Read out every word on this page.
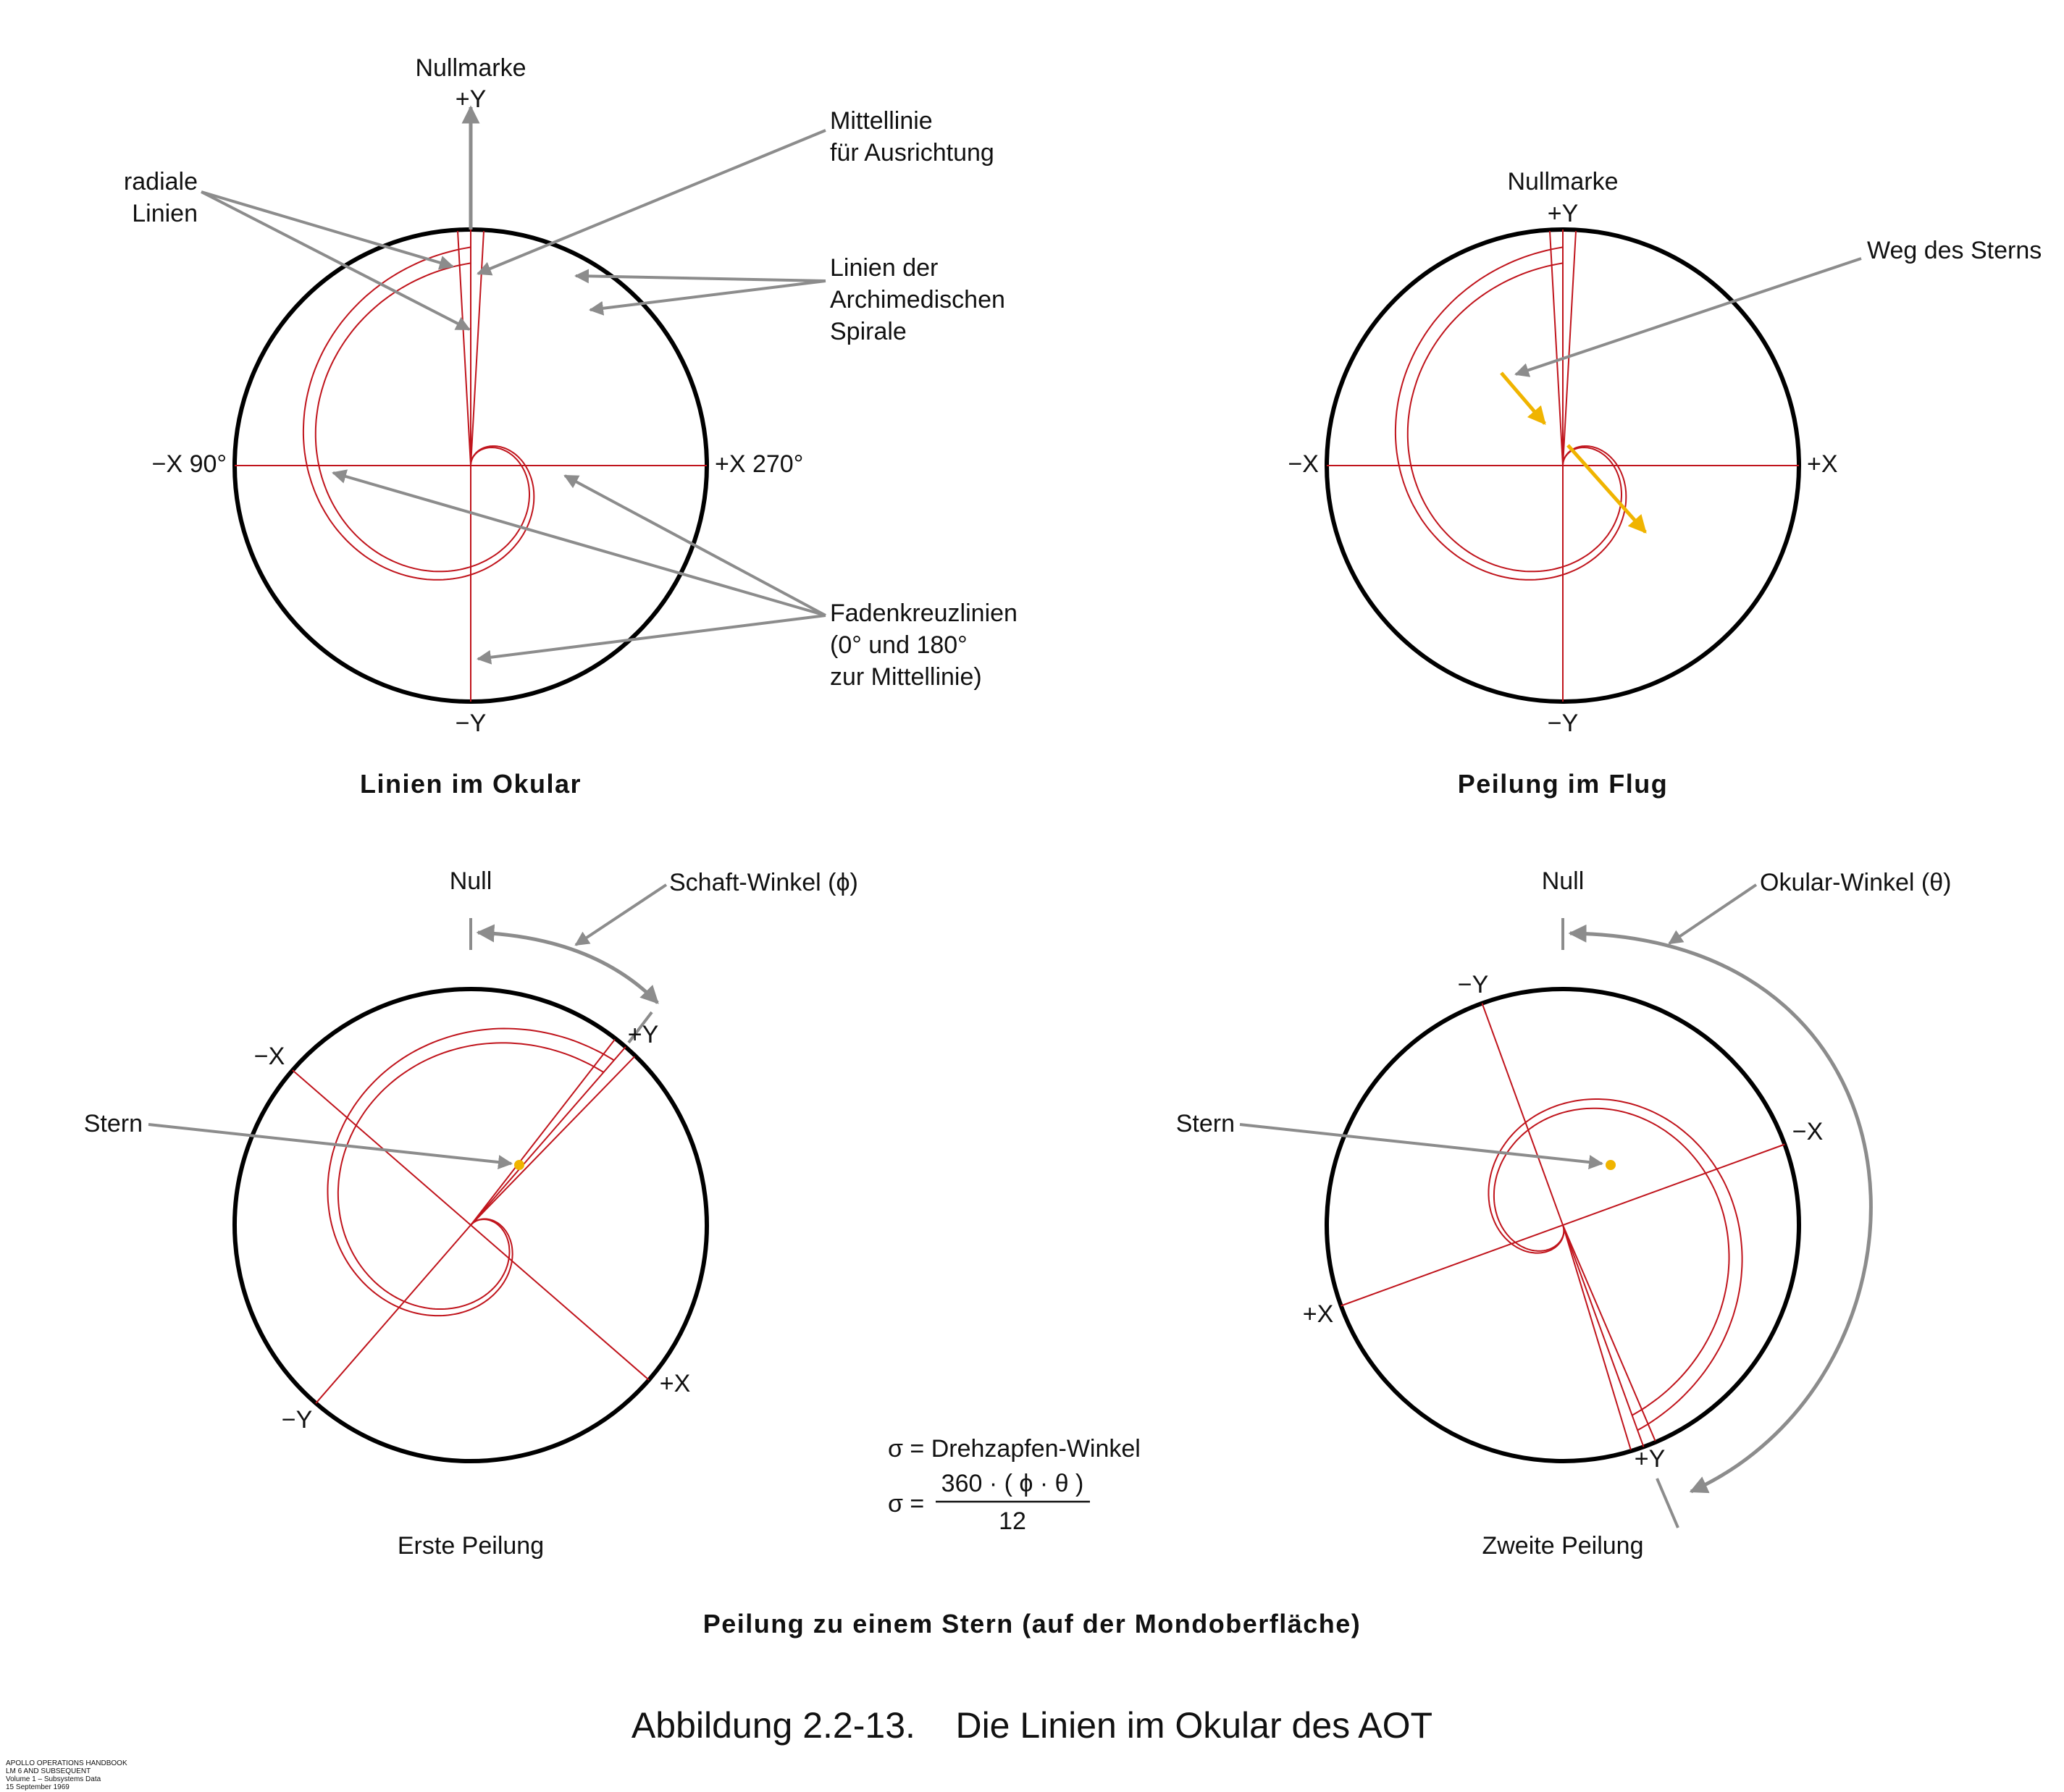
Nullmarke
+Y
−Y
−X 90°	+X 270°
radiale
Linien
Mittellinie
für Ausrichtung
Linien der
Archimedischen
Spirale
Fadenkreuzlinien
(0° und 180°
zur Mittellinie)
Linien im Okular
Nullmarke
+Y
−Y
−X	+X
Weg des Sterns
Peilung im Flug
Null	Schaft-Winkel (ϕ)
Stern
+Y
−X
+X
−Y
Erste Peilung
Null	Okular-Winkel (θ)
Stern
−Y
−X
+X
+Y
Zweite Peilung
σ = Drehzapfen-Winkel
σ =
360 · ( ϕ · θ )
12
Peilung zu einem Stern (auf der Mondoberfläche)
Abbildung 2.2-13.    Die Linien im Okular des AOT
APOLLO OPERATIONS HANDBOOK
LM 6 AND SUBSEQUENT
Volume 1 – Subsystems Data
15 September 1969
